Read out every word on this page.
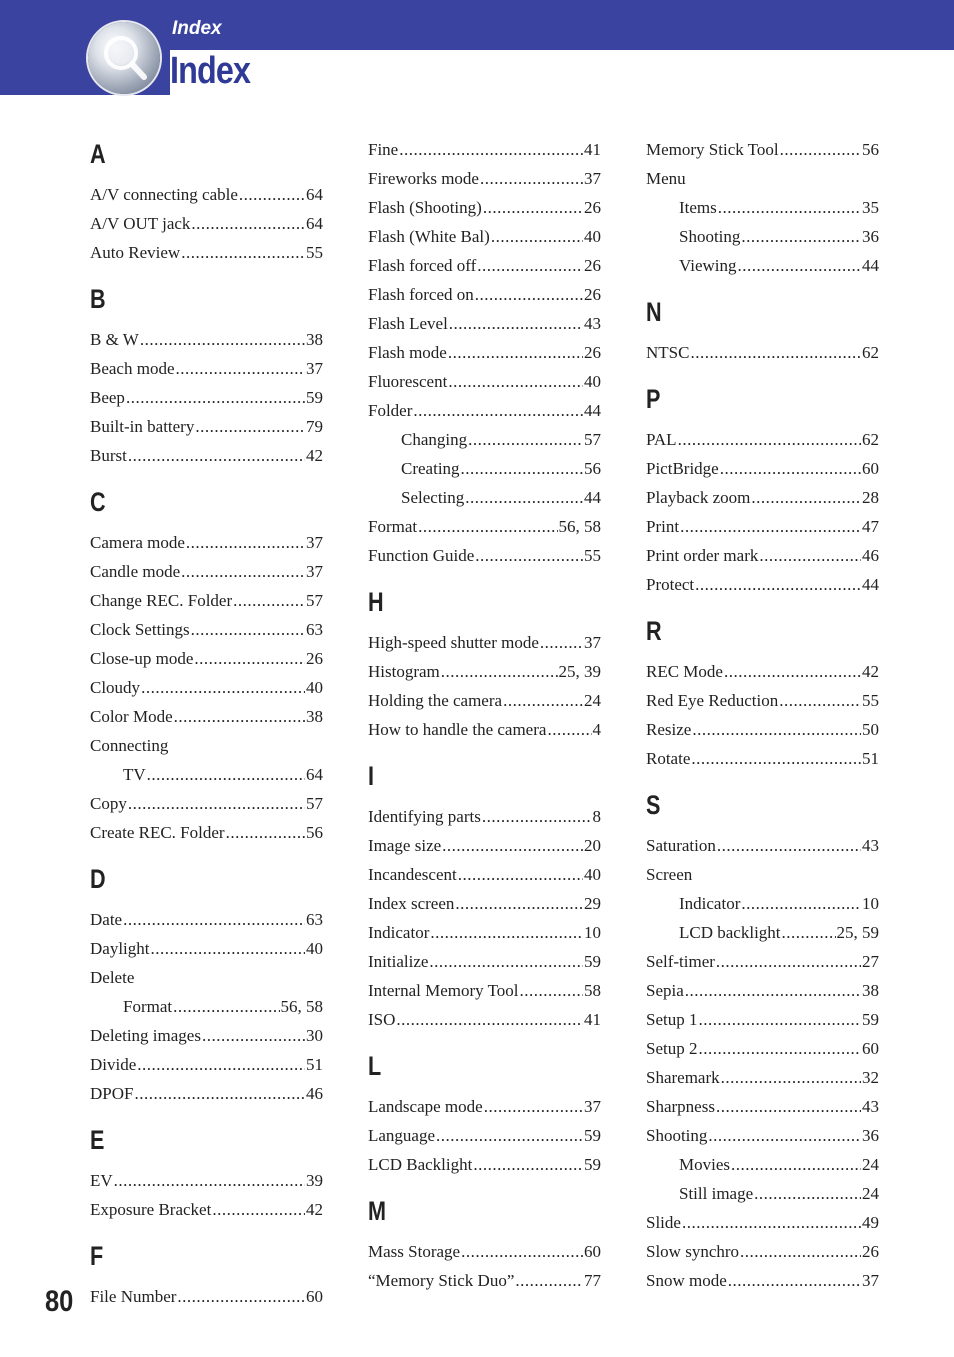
Index
Index
A
A/V connecting cable .....	64
A/V OUT jack .....	64
Auto Review .....	55
B
B & W .....	38
Beach mode .....	37
Beep .....	59
Built-in battery .....	79
Burst .....	42
C
Camera mode .....	37
Candle mode .....	37
Change REC. Folder .....	57
Clock Settings .....	63
Close-up mode .....	26
Cloudy .....	40
Color Mode .....	38
Connecting
TV .....	64
Copy .....	57
Create REC. Folder .....	56
D
Date .....	63
Daylight .....	40
Delete
Format .....	56, 58
Deleting images .....	30
Divide .....	51
DPOF .....	46
E
EV .....	39
Exposure Bracket .....	42
F
File Number .....	60
Fine .....	41
Fireworks mode .....	37
Flash (Shooting) .....	26
Flash (White Bal) .....	40
Flash forced off .....	26
Flash forced on .....	26
Flash Level .....	43
Flash mode .....	26
Fluorescent .....	40
Folder .....	44
Changing .....	57
Creating .....	56
Selecting .....	44
Format .....	56, 58
Function Guide .....	55
H
High-speed shutter mode .....	37
Histogram .....	25, 39
Holding the camera .....	24
How to handle the camera .....	4
I
Identifying parts .....	8
Image size .....	20
Incandescent .....	40
Index screen .....	29
Indicator .....	10
Initialize .....	59
Internal Memory Tool .....	58
ISO .....	41
L
Landscape mode .....	37
Language .....	59
LCD Backlight .....	59
M
Mass Storage .....	60
“Memory Stick Duo” .....	77
Memory Stick Tool .....	56
Menu
Items .....	35
Shooting .....	36
Viewing .....	44
N
NTSC .....	62
P
PAL .....	62
PictBridge .....	60
Playback zoom .....	28
Print .....	47
Print order mark .....	46
Protect .....	44
R
REC Mode .....	42
Red Eye Reduction .....	55
Resize .....	50
Rotate .....	51
S
Saturation .....	43
Screen
Indicator .....	10
LCD backlight .....	25, 59
Self-timer .....	27
Sepia .....	38
Setup 1 .....	59
Setup 2 .....	60
Sharemark .....	32
Sharpness .....	43
Shooting .....	36
Movies .....	24
Still image .....	24
Slide .....	49
Slow synchro .....	26
Snow mode .....	37
80
